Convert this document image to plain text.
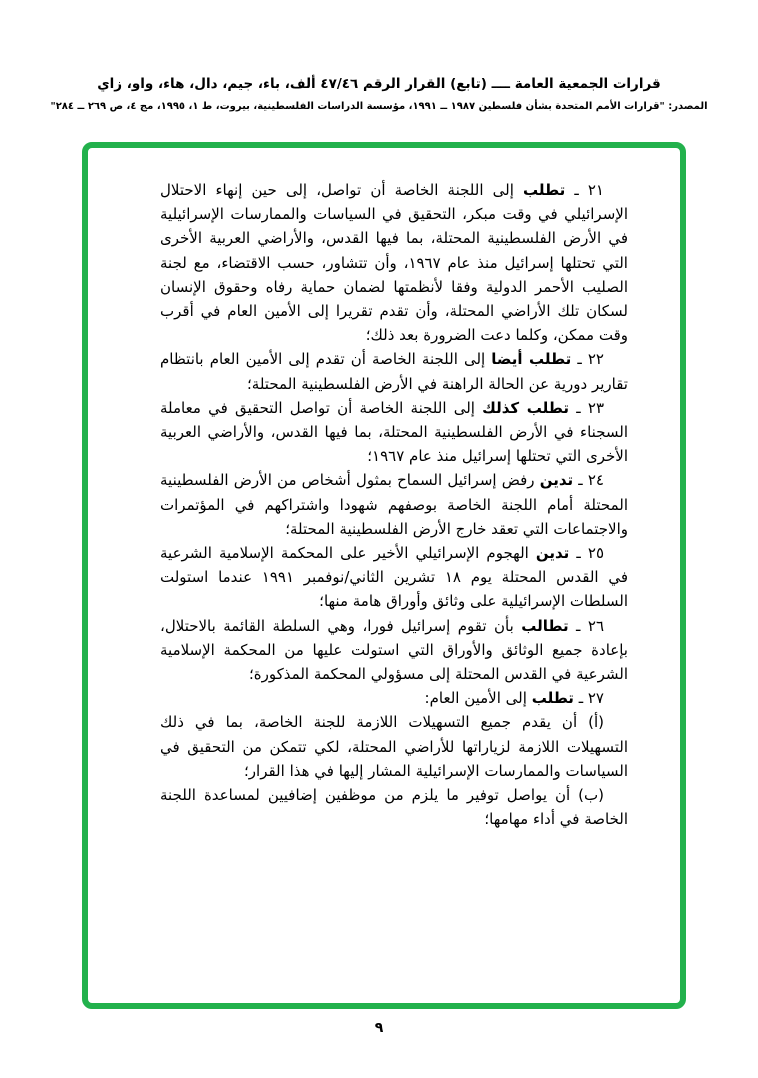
قرارات الجمعية العامة ــــ (تابع) القرار الرقم ٤٧/٤٦ ألف، باء، جيم، دال، هاء، واو، زاي
المصدر: "قرارات الأمم المتحدة بشأن فلسطين ١٩٨٧ ــ ١٩٩١، مؤسسة الدراسات الفلسطينية، بيروت، ط ١، ١٩٩٥، مج ٤، ص ٢٦٩ ــ ٢٨٤"

٢١ ـ تطلب إلى اللجنة الخاصة أن تواصل، إلى حين إنهاء الاحتلال الإسرائيلي في وقت مبكر، التحقيق في السياسات والممارسات الإسرائيلية في الأرض الفلسطينية المحتلة، بما فيها القدس، والأراضي العربية الأخرى التي تحتلها إسرائيل منذ عام ١٩٦٧، وأن تتشاور، حسب الاقتضاء، مع لجنة الصليب الأحمر الدولية وفقا لأنظمتها لضمان حماية رفاه وحقوق الإنسان لسكان تلك الأراضي المحتلة، وأن تقدم تقريرا إلى الأمين العام في أقرب وقت ممكن، وكلما دعت الضرورة بعد ذلك؛

٢٢ ـ تطلب أيضا إلى اللجنة الخاصة أن تقدم إلى الأمين العام بانتظام تقارير دورية عن الحالة الراهنة في الأرض الفلسطينية المحتلة؛

٢٣ ـ تطلب كذلك إلى اللجنة الخاصة أن تواصل التحقيق في معاملة السجناء في الأرض الفلسطينية المحتلة، بما فيها القدس، والأراضي العربية الأخرى التي تحتلها إسرائيل منذ عام ١٩٦٧؛

٢٤ ـ تدين رفض إسرائيل السماح بمثول أشخاص من الأرض الفلسطينية المحتلة أمام اللجنة الخاصة بوصفهم شهودا واشتراكهم في المؤتمرات والاجتماعات التي تعقد خارج الأرض الفلسطينية المحتلة؛

٢٥ ـ تدين الهجوم الإسرائيلي الأخير على المحكمة الإسلامية الشرعية في القدس المحتلة يوم ١٨ تشرين الثاني/نوفمبر ١٩٩١ عندما استولت السلطات الإسرائيلية على وثائق وأوراق هامة منها؛

٢٦ ـ تطالب بأن تقوم إسرائيل فورا، وهي السلطة القائمة بالاحتلال، بإعادة جميع الوثائق والأوراق التي استولت عليها من المحكمة الإسلامية الشرعية في القدس المحتلة إلى مسؤولي المحكمة المذكورة؛

٢٧ ـ تطلب إلى الأمين العام:

(أ) أن يقدم جميع التسهيلات اللازمة للجنة الخاصة، بما في ذلك التسهيلات اللازمة لزياراتها للأراضي المحتلة، لكي تتمكن من التحقيق في السياسات والممارسات الإسرائيلية المشار إليها في هذا القرار؛

(ب) أن يواصل توفير ما يلزم من موظفين إضافيين لمساعدة اللجنة الخاصة في أداء مهامها؛

٩
